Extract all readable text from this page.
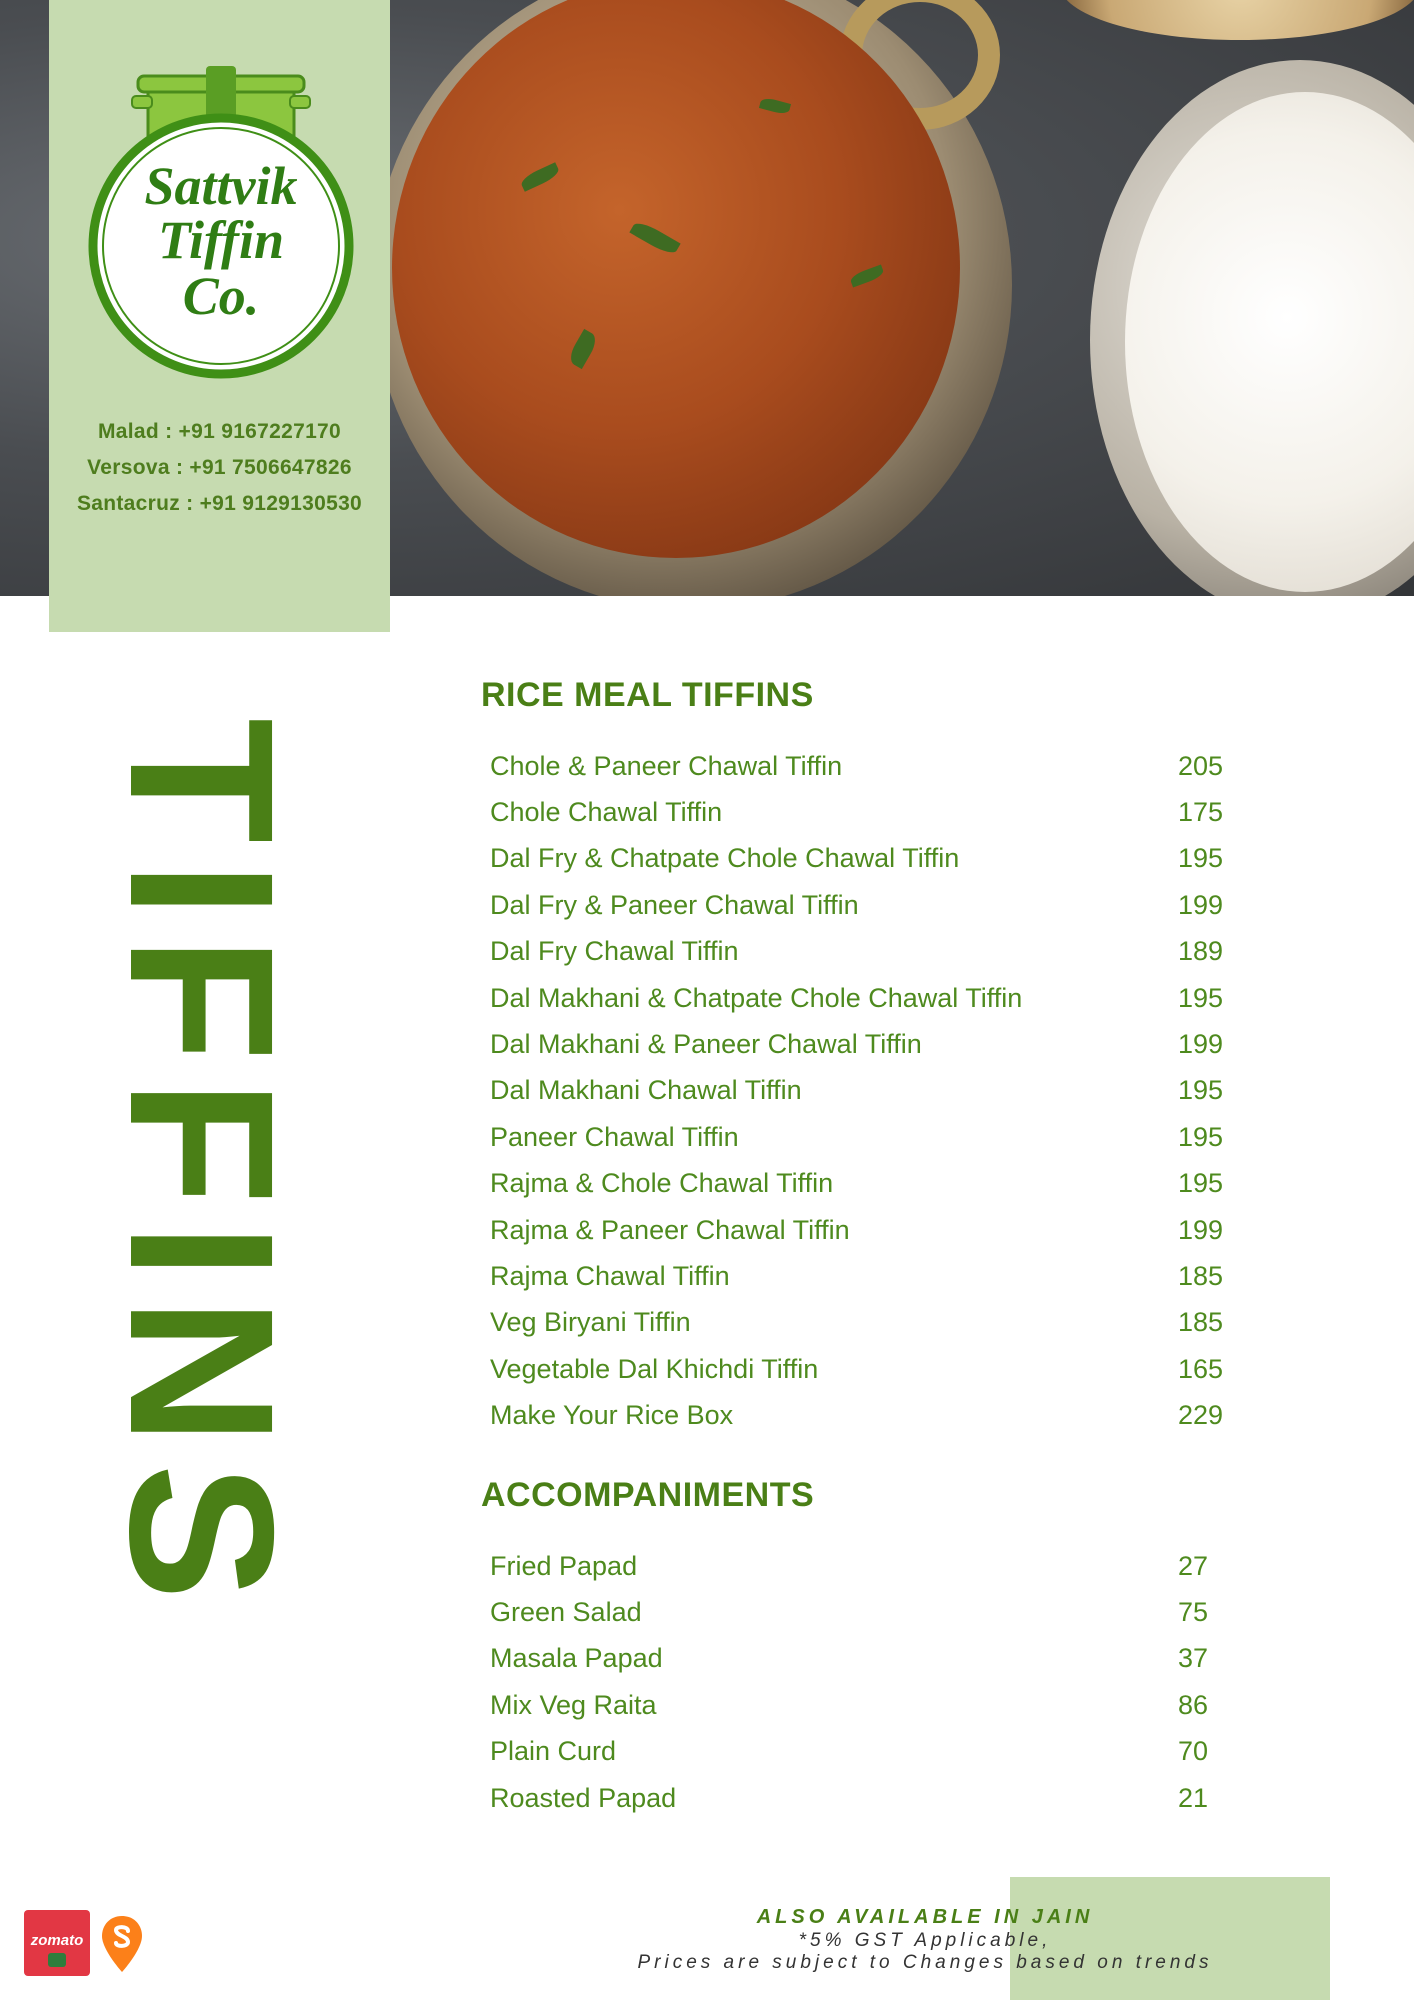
Sattvik
Tiffin
Co.
Malad : +91 9167227170
Versova : +91 7506647826
Santacruz : +91 9129130530
TIFFINS
RICE MEAL TIFFINS
Chole & Paneer Chawal Tiffin	205
Chole Chawal Tiffin	175
Dal Fry & Chatpate Chole Chawal Tiffin	195
Dal Fry & Paneer Chawal Tiffin	199
Dal Fry Chawal Tiffin	189
Dal Makhani & Chatpate Chole Chawal Tiffin	195
Dal Makhani & Paneer Chawal Tiffin	199
Dal Makhani Chawal Tiffin	195
Paneer Chawal Tiffin	195
Rajma & Chole Chawal Tiffin	195
Rajma & Paneer Chawal Tiffin	199
Rajma Chawal Tiffin	185
Veg Biryani Tiffin	185
Vegetable Dal Khichdi Tiffin	165
Make Your Rice Box	229
ACCOMPANIMENTS
Fried Papad	27
Green Salad	75
Masala Papad	37
Mix Veg Raita	86
Plain Curd	70
Roasted Papad	21
zomato
ALSO AVAILABLE IN JAIN
*5% GST Applicable,
Prices are subject to Changes based on trends
